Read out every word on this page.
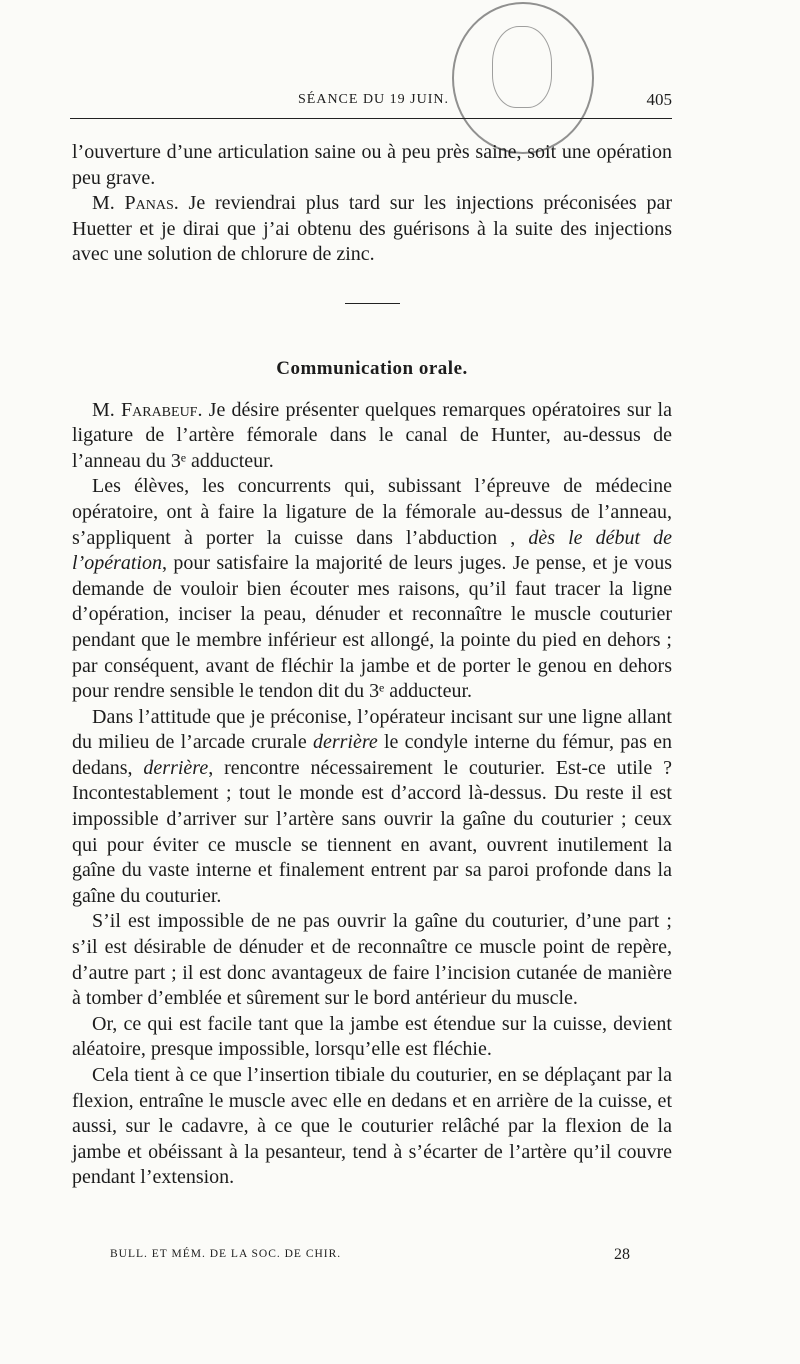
SÉANCE DU 19 JUIN.	405

l’ouverture d’une articulation saine ou à peu près saine, soit une opération peu grave.

M. Panas. Je reviendrai plus tard sur les injections préconisées par Huetter et je dirai que j’ai obtenu des guérisons à la suite des injections avec une solution de chlorure de zinc.

Communication orale.

M. Farabeuf. Je désire présenter quelques remarques opératoires sur la ligature de l’artère fémorale dans le canal de Hunter, au-dessus de l’anneau du 3ᵉ adducteur.

Les élèves, les concurrents qui, subissant l’épreuve de médecine opératoire, ont à faire la ligature de la fémorale au-dessus de l’anneau, s’appliquent à porter la cuisse dans l’abduction , dès le début de l’opération, pour satisfaire la majorité de leurs juges. Je pense, et je vous demande de vouloir bien écouter mes raisons, qu’il faut tracer la ligne d’opération, inciser la peau, dénuder et reconnaître le muscle couturier pendant que le membre inférieur est allongé, la pointe du pied en dehors ; par conséquent, avant de fléchir la jambe et de porter le genou en dehors pour rendre sensible le tendon dit du 3ᵉ adducteur.

Dans l’attitude que je préconise, l’opérateur incisant sur une ligne allant du milieu de l’arcade crurale derrière le condyle interne du fémur, pas en dedans, derrière, rencontre nécessairement le couturier. Est-ce utile ? Incontestablement ; tout le monde est d’accord là-dessus. Du reste il est impossible d’arriver sur l’artère sans ouvrir la gaîne du couturier ; ceux qui pour éviter ce muscle se tiennent en avant, ouvrent inutilement la gaîne du vaste interne et finalement entrent par sa paroi profonde dans la gaîne du couturier.

S’il est impossible de ne pas ouvrir la gaîne du couturier, d’une part ; s’il est désirable de dénuder et de reconnaître ce muscle point de repère, d’autre part ; il est donc avantageux de faire l’incision cutanée de manière à tomber d’emblée et sûrement sur le bord antérieur du muscle.

Or, ce qui est facile tant que la jambe est étendue sur la cuisse, devient aléatoire, presque impossible, lorsqu’elle est fléchie.

Cela tient à ce que l’insertion tibiale du couturier, en se déplaçant par la flexion, entraîne le muscle avec elle en dedans et en arrière de la cuisse, et aussi, sur le cadavre, à ce que le couturier relâché par la flexion de la jambe et obéissant à la pesanteur, tend à s’écarter de l’artère qu’il couvre pendant l’extension.

BULL. ET MÉM. DE LA SOC. DE CHIR.	28
